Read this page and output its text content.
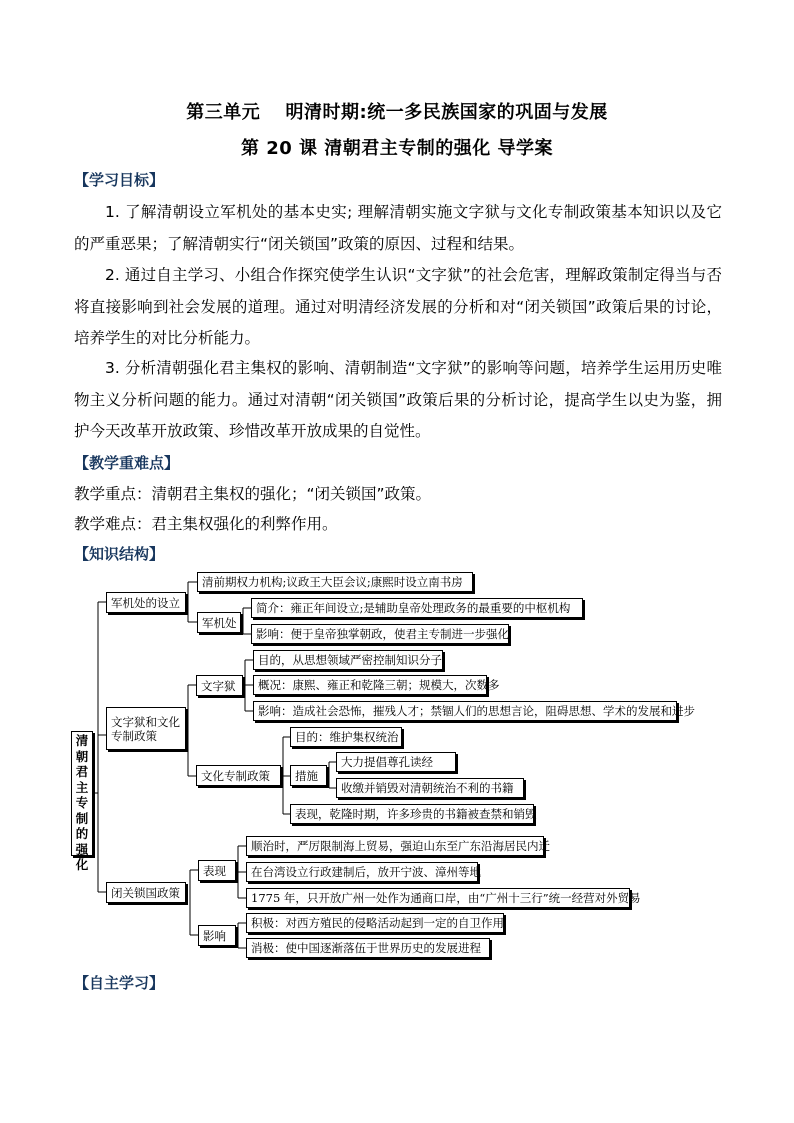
第三单元　 明清时期:统一多民族国家的巩固与发展
第 20 课 清朝君主专制的强化 导学案
【学习目标】

1. 了解清朝设立军机处的基本史实; 理解清朝实施文字狱与文化专制政策基本知识以及它的严重恶果；了解清朝实行“闭关锁国”政策的原因、过程和结果。

2. 通过自主学习、小组合作探究使学生认识“文字狱”的社会危害，理解政策制定得当与否将直接影响到社会发展的道理。通过对明清经济发展的分析和对“闭关锁国”政策后果的讨论，培养学生的对比分析能力。

3. 分析清朝强化君主集权的影响、清朝制造“文字狱”的影响等问题，培养学生运用历史唯物主义分析问题的能力。通过对清朝“闭关锁国”政策后果的分析讨论，提高学生以史为鉴，拥护今天改革开放政策、珍惜改革开放成果的自觉性。

【教学重难点】
教学重点：清朝君主集权的强化；“闭关锁国”政策。
教学难点：君主集权强化的利弊作用。
【知识结构】
清朝君主专制的强化
军机处的设立
文字狱和文化专制政策
闭关锁国政策
清前期权力机构;议政王大臣会议;康熙时设立南书房
军机处
简介：雍正年间设立;是辅助皇帝处理政务的最重要的中枢机构
影响：便于皇帝独掌朝政，使君主专制进一步强化
文字狱
目的，从思想领域严密控制知识分子
概况：康熙、雍正和乾隆三朝；规模大，次数多
影响：造成社会恐怖，摧残人才；禁锢人们的思想言论，阻碍思想、学术的发展和进步
文化专制政策
目的：维护集权统治
措施
大力提倡尊孔读经
收缴并销毁对清朝统治不利的书籍
表现，乾隆时期，许多珍贵的书籍被查禁和销毁
表现
顺治时，严厉限制海上贸易，强迫山东至广东沿海居民内迁
在台湾设立行政建制后，放开宁波、漳州等地
1775 年，只开放广州一处作为通商口岸，由“广州十三行”统一经营对外贸易
影响
积极：对西方殖民的侵略活动起到一定的自卫作用
消极：使中国逐渐落伍于世界历史的发展进程
【自主学习】
